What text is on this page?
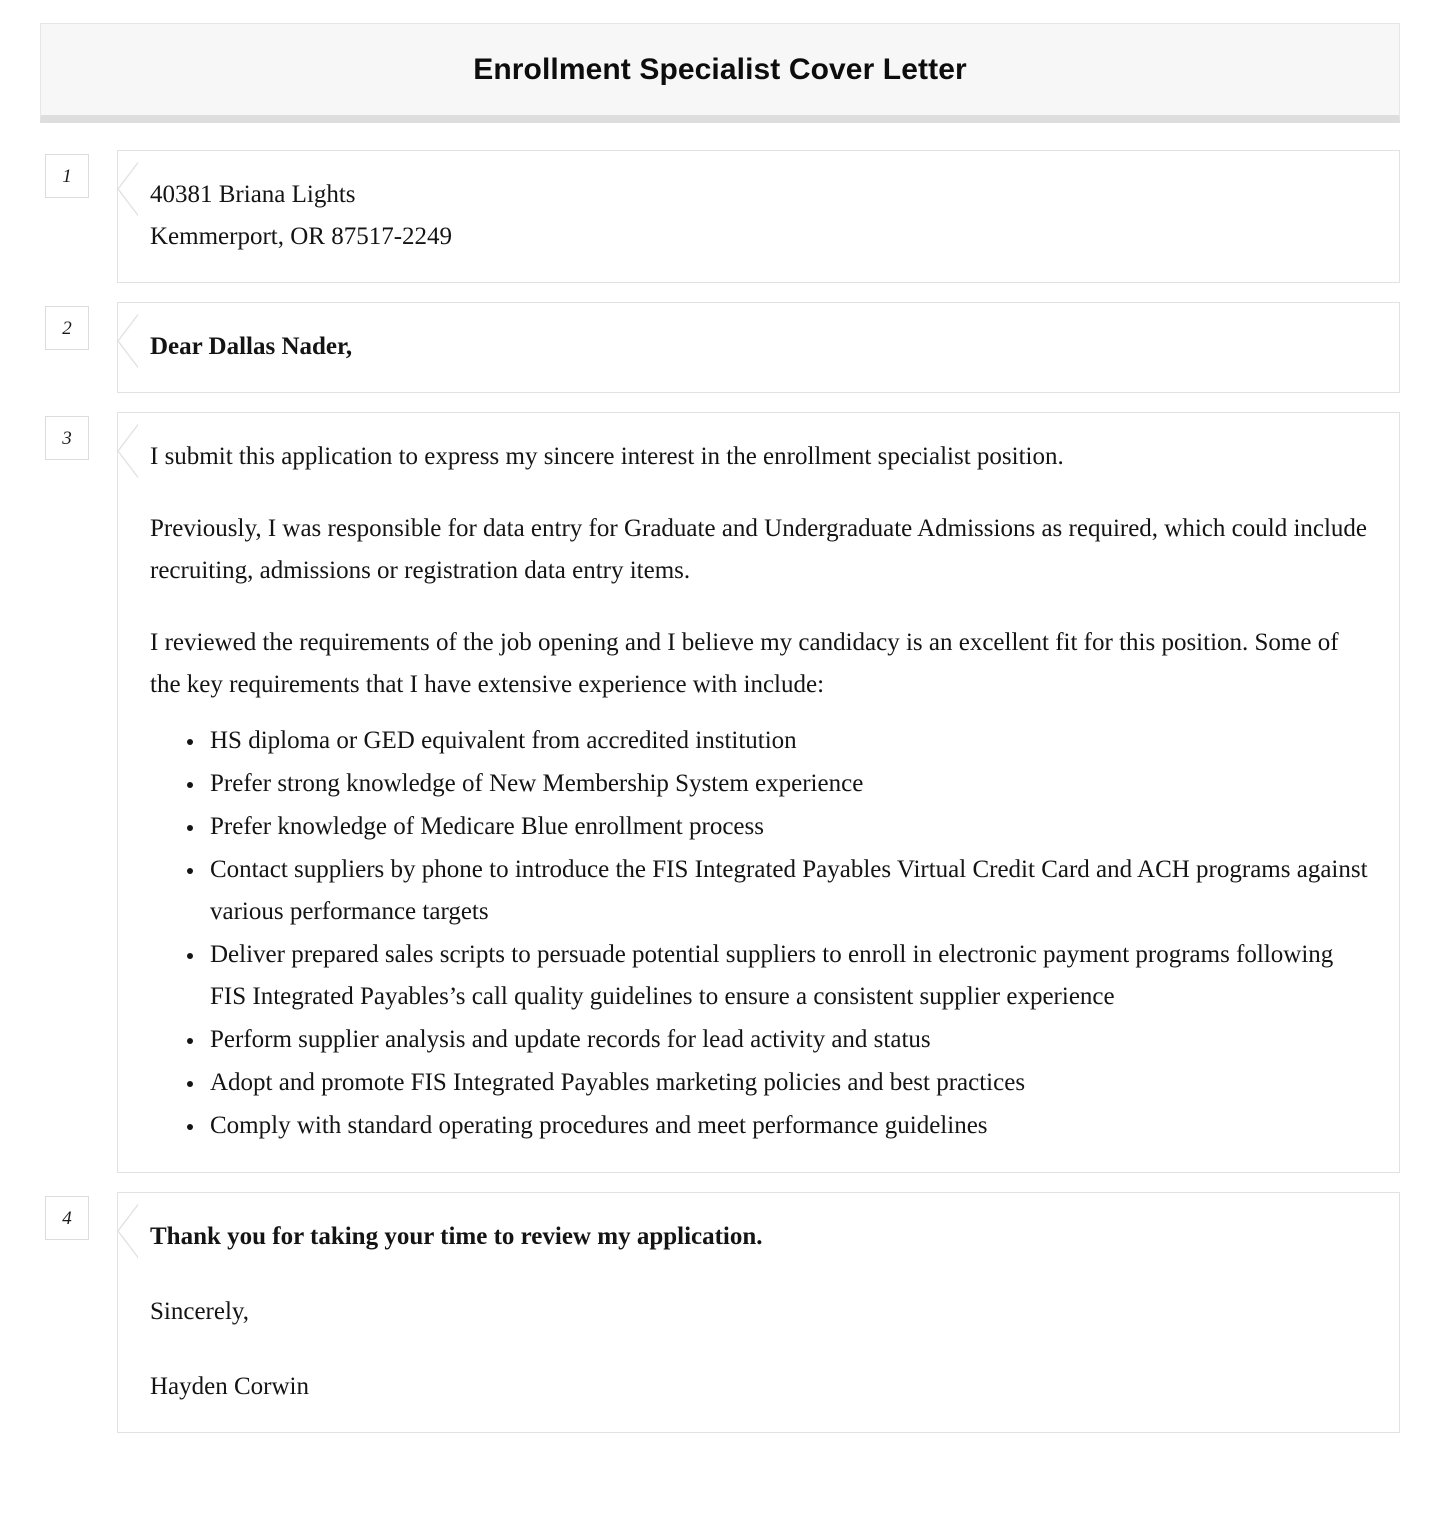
Enrollment Specialist Cover Letter
1

40381 Briana Lights
Kemmerport, OR 87517-2249

2

Dear Dallas Nader,

3

I submit this application to express my sincere interest in the enrollment specialist position.

Previously, I was responsible for data entry for Graduate and Undergraduate Admissions as required, which could include recruiting, admissions or registration data entry items.

I reviewed the requirements of the job opening and I believe my candidacy is an excellent fit for this position. Some of the key requirements that I have extensive experience with include:

• HS diploma or GED equivalent from accredited institution
• Prefer strong knowledge of New Membership System experience
• Prefer knowledge of Medicare Blue enrollment process
• Contact suppliers by phone to introduce the FIS Integrated Payables Virtual Credit Card and ACH programs against various performance targets
• Deliver prepared sales scripts to persuade potential suppliers to enroll in electronic payment programs following FIS Integrated Payables’s call quality guidelines to ensure a consistent supplier experience
• Perform supplier analysis and update records for lead activity and status
• Adopt and promote FIS Integrated Payables marketing policies and best practices
• Comply with standard operating procedures and meet performance guidelines
4

Thank you for taking your time to review my application.

Sincerely,

Hayden Corwin
